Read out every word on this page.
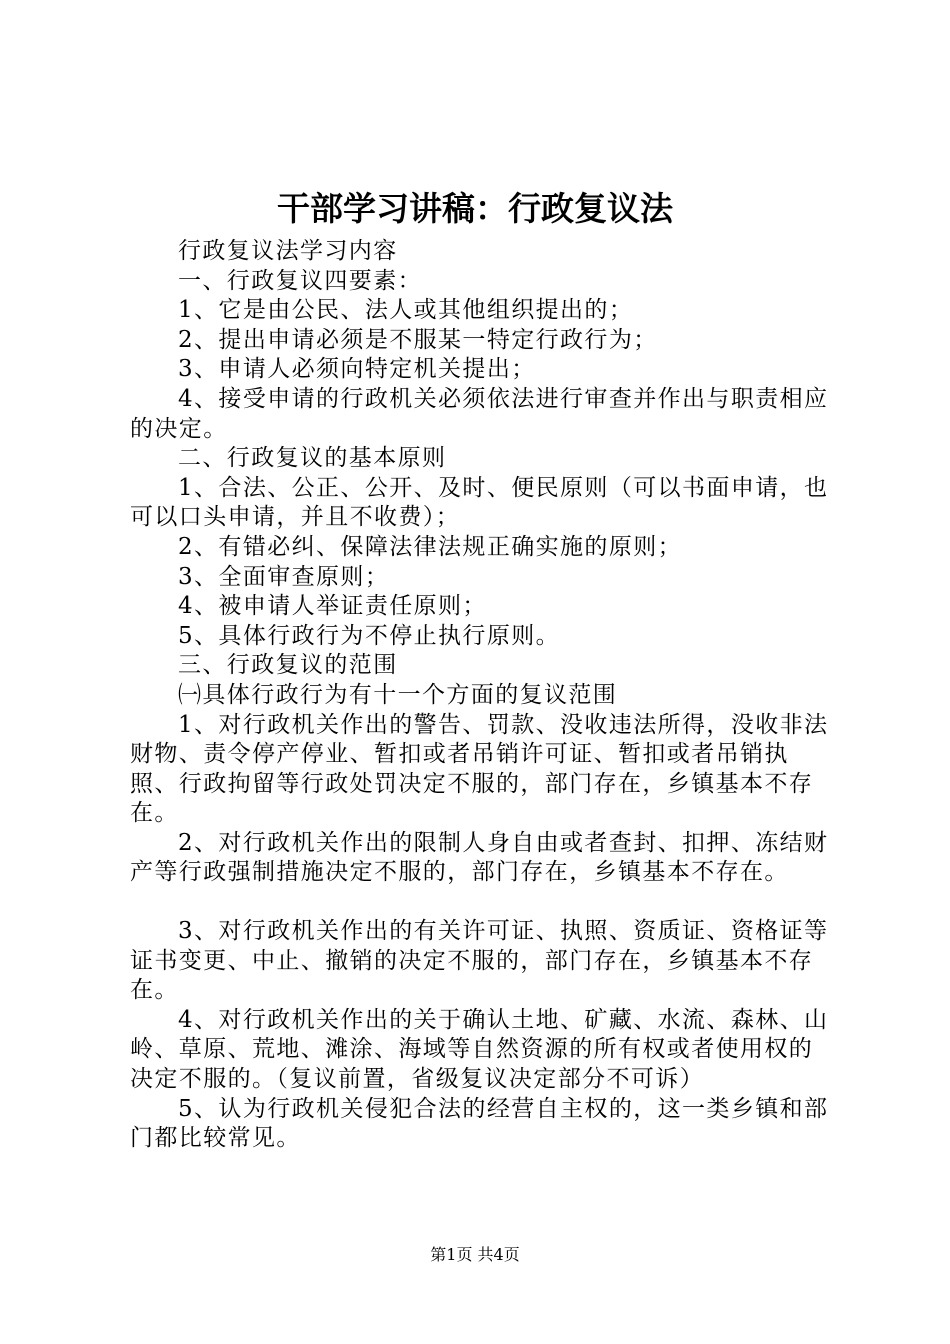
干部学习讲稿：行政复议法

行政复议法学习内容

一、行政复议四要素：

1、它是由公民、法人或其他组织提出的；

2、提出申请必须是不服某一特定行政行为；

3、申请人必须向特定机关提出；

4、接受申请的行政机关必须依法进行审查并作出与职责相应的决定。

二、行政复议的基本原则

1、合法、公正、公开、及时、便民原则（可以书面申请，也可以口头申请，并且不收费）；

2、有错必纠、保障法律法规正确实施的原则；

3、全面审查原则；

4、被申请人举证责任原则；

5、具体行政行为不停止执行原则。

三、行政复议的范围

㈠具体行政行为有十一个方面的复议范围

1、对行政机关作出的警告、罚款、没收违法所得，没收非法财物、责令停产停业、暂扣或者吊销许可证、暂扣或者吊销执照、行政拘留等行政处罚决定不服的，部门存在，乡镇基本不存在。

2、对行政机关作出的限制人身自由或者查封、扣押、冻结财产等行政强制措施决定不服的，部门存在，乡镇基本不存在。

3、对行政机关作出的有关许可证、执照、资质证、资格证等证书变更、中止、撤销的决定不服的，部门存在，乡镇基本不存在。

4、对行政机关作出的关于确认土地、矿藏、水流、森林、山岭、草原、荒地、滩涂、海域等自然资源的所有权或者使用权的决定不服的。（复议前置，省级复议决定部分不可诉）

5、认为行政机关侵犯合法的经营自主权的，这一类乡镇和部门都比较常见。

第1页 共4页
